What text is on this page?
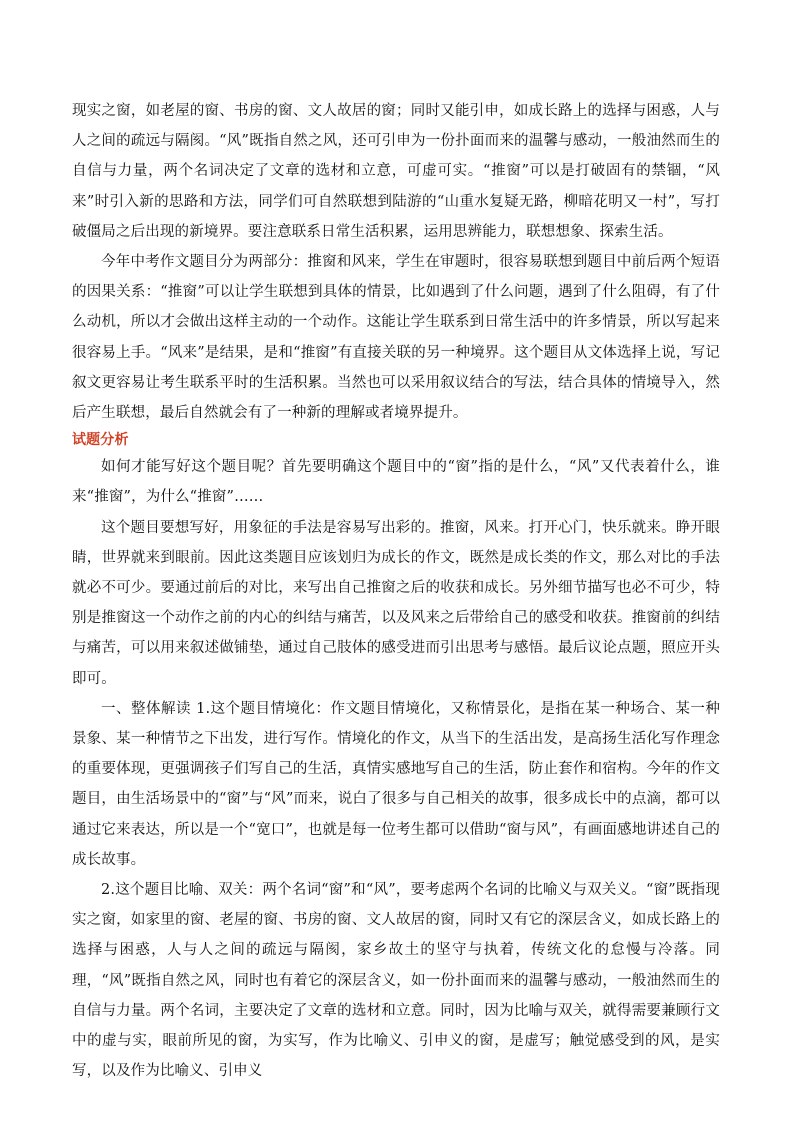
现实之窗，如老屋的窗、书房的窗、文人故居的窗；同时又能引申，如成长路上的选择与困惑，人与人之间的疏远与隔阂。“风”既指自然之风，还可引申为一份扑面而来的温馨与感动，一般油然而生的自信与力量，两个名词决定了文章的选材和立意，可虚可实。“推窗”可以是打破固有的禁锢，“风来”时引入新的思路和方法，同学们可自然联想到陆游的“山重水复疑无路，柳暗花明又一村”，写打破僵局之后出现的新境界。要注意联系日常生活积累，运用思辨能力，联想想象、探索生活。

今年中考作文题目分为两部分：推窗和风来，学生在审题时，很容易联想到题目中前后两个短语的因果关系：“推窗”可以让学生联想到具体的情景，比如遇到了什么问题，遇到了什么阻碍，有了什么动机，所以才会做出这样主动的一个动作。这能让学生联系到日常生活中的许多情景，所以写起来很容易上手。“风来”是结果，是和“推窗”有直接关联的另一种境界。这个题目从文体选择上说，写记叙文更容易让考生联系平时的生活积累。当然也可以采用叙议结合的写法，结合具体的情境导入，然后产生联想，最后自然就会有了一种新的理解或者境界提升。

试题分析

如何才能写好这个题目呢？首先要明确这个题目中的“窗”指的是什么，“风”又代表着什么，谁来“推窗”，为什么“推窗”……

这个题目要想写好，用象征的手法是容易写出彩的。推窗，风来。打开心门，快乐就来。睁开眼睛，世界就来到眼前。因此这类题目应该划归为成长的作文，既然是成长类的作文，那么对比的手法就必不可少。要通过前后的对比，来写出自己推窗之后的收获和成长。另外细节描写也必不可少，特别是推窗这一个动作之前的内心的纠结与痛苦，以及风来之后带给自己的感受和收获。推窗前的纠结与痛苦，可以用来叙述做铺垫，通过自己肢体的感受进而引出思考与感悟。最后议论点题，照应开头即可。

一、整体解读 1.这个题目情境化：作文题目情境化，又称情景化，是指在某一种场合、某一种景象、某一种情节之下出发，进行写作。情境化的作文，从当下的生活出发，是高扬生活化写作理念的重要体现，更强调孩子们写自己的生活，真情实感地写自己的生活，防止套作和宿构。今年的作文题目，由生活场景中的“窗”与“风”而来，说白了很多与自己相关的故事，很多成长中的点滴，都可以通过它来表达，所以是一个“宽口”，也就是每一位考生都可以借助“窗与风”，有画面感地讲述自己的成长故事。

2.这个题目比喻、双关：两个名词“窗”和“风”，要考虑两个名词的比喻义与双关义。“窗”既指现实之窗，如家里的窗、老屋的窗、书房的窗、文人故居的窗，同时又有它的深层含义，如成长路上的选择与困惑，人与人之间的疏远与隔阂，家乡故土的坚守与执着，传统文化的怠慢与冷落。同理，“风”既指自然之风，同时也有着它的深层含义，如一份扑面而来的温馨与感动，一般油然而生的自信与力量。两个名词，主要决定了文章的选材和立意。同时，因为比喻与双关，就得需要兼顾行文中的虚与实，眼前所见的窗，为实写，作为比喻义、引申义的窗，是虚写；触觉感受到的风，是实写，以及作为比喻义、引申义
